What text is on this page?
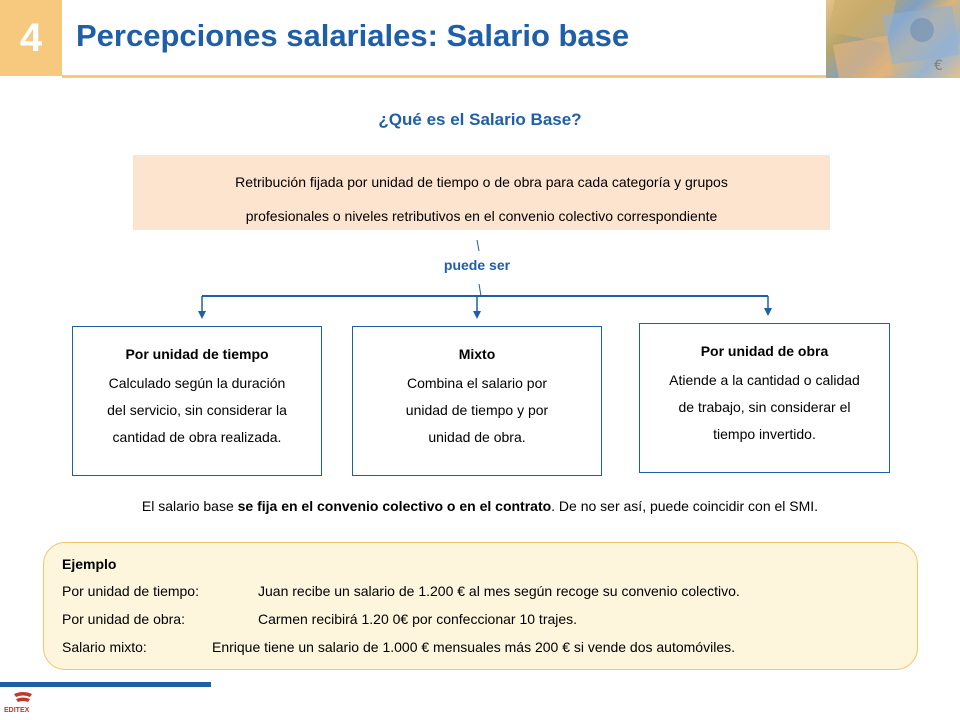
4 Percepciones salariales: Salario base
€
¿Qué es el Salario Base?
Retribución fijada por unidad de tiempo o de obra para cada categoría y grupos
profesionales o niveles retributivos en el convenio colectivo correspondiente
puede ser
Por unidad de tiempo
Calculado según la duración
del servicio, sin considerar la
cantidad de obra realizada.
Mixto
Combina el salario por
unidad de tiempo y por
unidad de obra.
Por unidad de obra
Atiende a la cantidad o calidad
de trabajo, sin considerar el
tiempo invertido.
El salario base se fija en el convenio colectivo o en el contrato. De no ser así, puede coincidir con el SMI.
Ejemplo
Por unidad de tiempo:	Juan recibe un salario de 1.200 € al mes según recoge su convenio colectivo.
Por unidad de obra:	Carmen recibirá 1.20 0€ por confeccionar 10 trajes.
Salario mixto:	Enrique tiene un salario de 1.000 € mensuales más 200 € si vende dos automóviles.
EDITEX
